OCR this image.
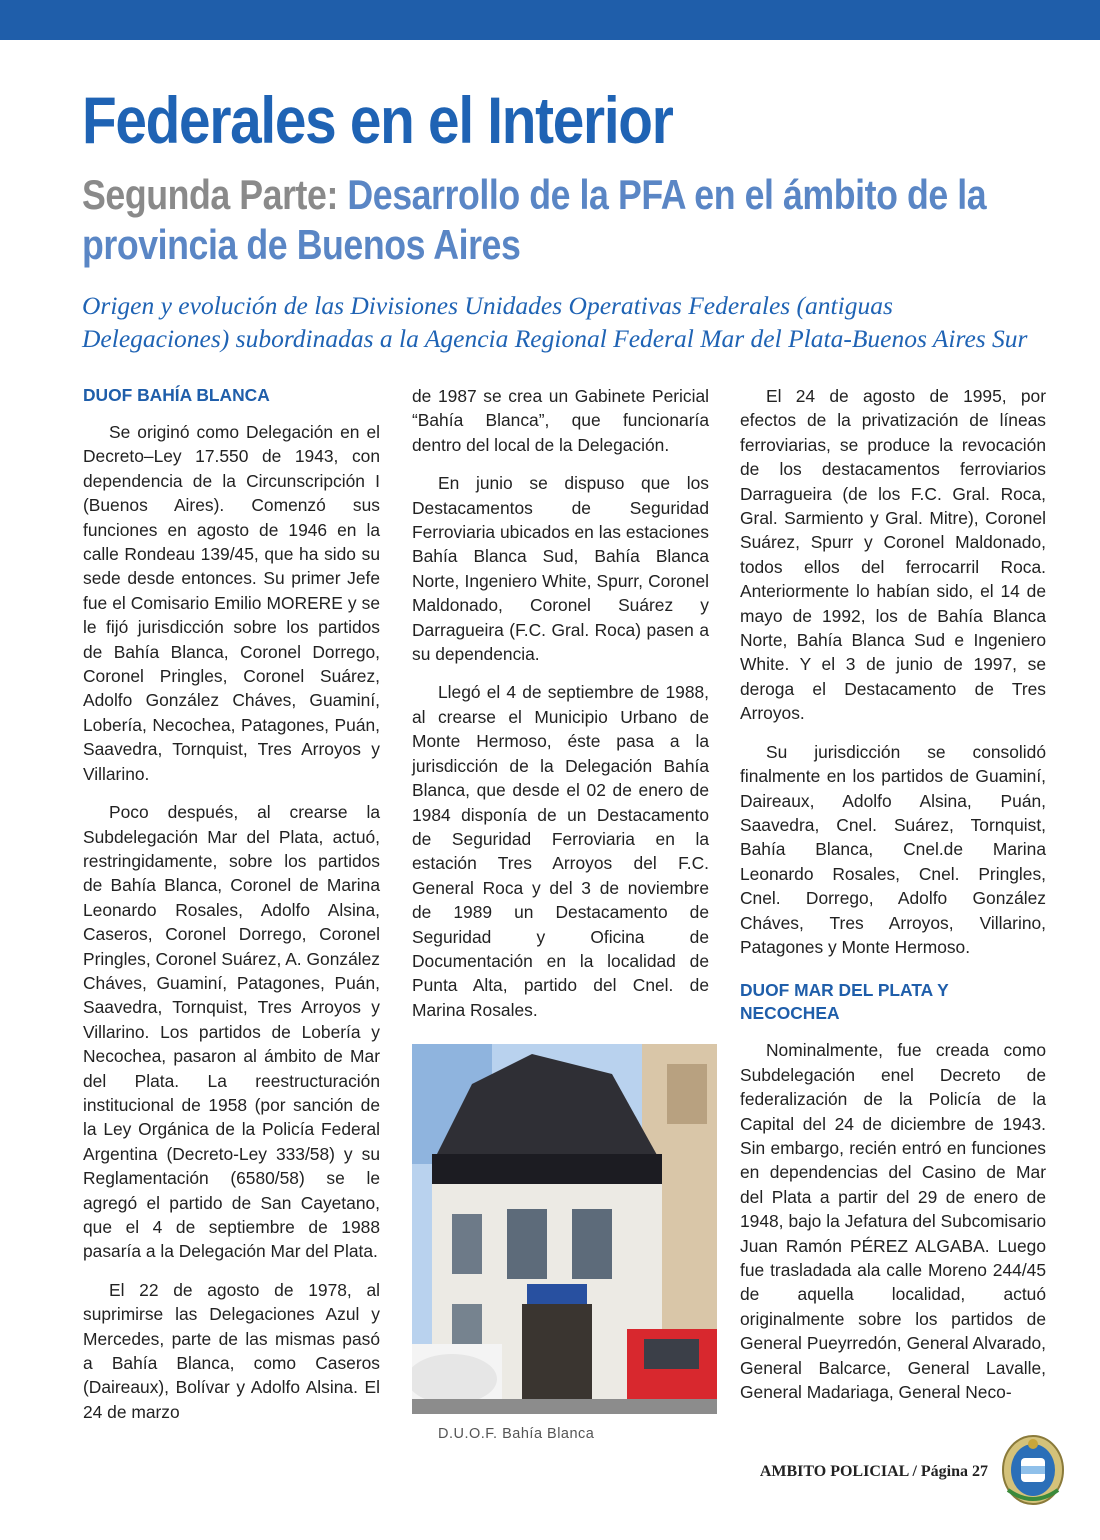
Federales en el Interior
Segunda Parte: Desarrollo de la PFA en el ámbito de la provincia de Buenos Aires

Origen y evolución de las Divisiones Unidades Operativas Federales (antiguas Delegaciones) subordinadas a la Agencia Regional Federal Mar del Plata-Buenos Aires Sur

DUOF BAHÍA BLANCA

Se originó como Delegación en el Decreto–Ley 17.550 de 1943, con dependencia de la Circunscripción I (Buenos Aires). Comenzó sus funciones en agosto de 1946 en la calle Rondeau 139/45, que ha sido su sede desde entonces. Su primer Jefe fue el Comisario Emilio MORERE y se le fijó jurisdicción sobre los partidos de Bahía Blanca, Coronel Dorrego, Coronel Pringles, Coronel Suárez, Adolfo González Cháves, Guaminí, Lobería, Necochea, Patagones, Puán, Saavedra, Tornquist, Tres Arroyos y Villarino.

Poco después, al crearse la Subdelegación Mar del Plata, actuó, restringidamente, sobre los partidos de Bahía Blanca, Coronel de Marina Leonardo Rosales, Adolfo Alsina, Caseros, Coronel Dorrego, Coronel Pringles, Coronel Suárez, A. González Cháves, Guaminí, Patagones, Puán, Saavedra, Tornquist, Tres Arroyos y Villarino. Los partidos de Lobería y Necochea, pasaron al ámbito de Mar del Plata. La reestructuración institucional de 1958 (por sanción de la Ley Orgánica de la Policía Federal Argentina (Decreto-Ley 333/58) y su Reglamentación (6580/58) se le agregó el partido de San Cayetano, que el 4 de septiembre de 1988 pasaría a la Delegación Mar del Plata.

El 22 de agosto de 1978, al suprimirse las Delegaciones Azul y Mercedes, parte de las mismas pasó a Bahía Blanca, como Caseros (Daireaux), Bolívar y Adolfo Alsina. El 24 de marzo

de 1987 se crea un Gabinete Pericial “Bahía Blanca”, que funcionaría dentro del local de la Delegación.

En junio se dispuso que los Destacamentos de Seguridad Ferroviaria ubicados en las estaciones Bahía Blanca Sud, Bahía Blanca Norte, Ingeniero White, Spurr, Coronel Maldonado, Coronel Suárez y Darragueira (F.C. Gral. Roca) pasen a su dependencia.

Llegó el 4 de septiembre de 1988, al crearse el Municipio Urbano de Monte Hermoso, éste pasa a la jurisdicción de la Delegación Bahía Blanca, que desde el 02 de enero de 1984 disponía de un Destacamento de Seguridad Ferroviaria en la estación Tres Arroyos del F.C. General Roca y del 3 de noviembre de 1989 un Destacamento de Seguridad y Oficina de Documentación en la localidad de Punta Alta, partido del Cnel. de Marina Rosales.

D.U.O.F. Bahía Blanca

El 24 de agosto de 1995, por efectos de la privatización de líneas ferroviarias, se produce la revocación de los destacamentos ferroviarios Darragueira (de los F.C. Gral. Roca, Gral. Sarmiento y Gral. Mitre), Coronel Suárez, Spurr y Coronel Maldonado, todos ellos del ferrocarril Roca. Anteriormente lo habían sido, el 14 de mayo de 1992, los de Bahía Blanca Norte, Bahía Blanca Sud e Ingeniero White. Y el 3 de junio de 1997, se deroga el Destacamento de Tres Arroyos.

Su jurisdicción se consolidó finalmente en los partidos de Guaminí, Daireaux, Adolfo Alsina, Puán, Saavedra, Cnel. Suárez, Tornquist, Bahía Blanca, Cnel.de Marina Leonardo Rosales, Cnel. Pringles, Cnel. Dorrego, Adolfo González Cháves, Tres Arroyos, Villarino, Patagones y Monte Hermoso.

DUOF MAR DEL PLATA Y NECOCHEA

Nominalmente, fue creada como Subdelegación enel Decreto de federalización de la Policía de la Capital del 24 de diciembre de 1943. Sin embargo, recién entró en funciones en dependencias del Casino de Mar del Plata a partir del 29 de enero de 1948, bajo la Jefatura del Subcomisario Juan Ramón PÉREZ ALGABA. Luego fue trasladada ala calle Moreno 244/45 de aquella localidad, actuó originalmente sobre los partidos de General Pueyrredón, General Alvarado, General Balcarce, General Lavalle, General Madariaga, General Neco-

AMBITO POLICIAL / Página 27
